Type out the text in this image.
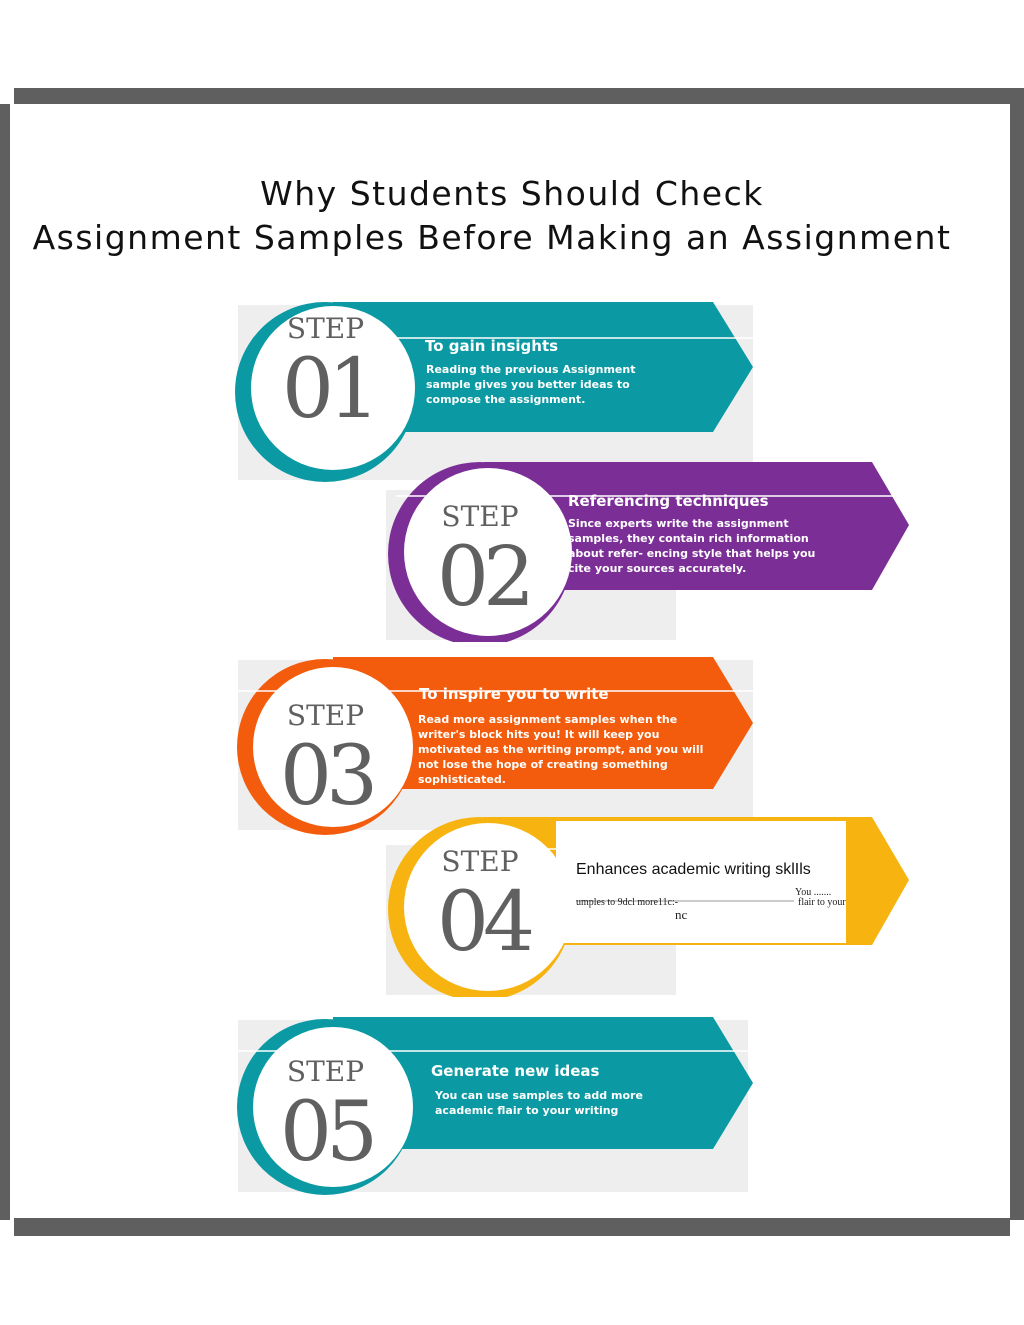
Why Students Should Check
Assignment Samples Before Making an Assignment
STEP
01	To gain insights
Reading the previous Assignment sample gives you better ideas to compose the assignment.
STEP
02
Referencing techniques
Since experts write the assignment samples, they contain rich information about refer- encing style that helps you cite your sources accurately.
STEP
03
To inspire you to write
Read more assignment samples when the writer's block hits you! It will keep you motivated as the writing prompt, and you will not lose the hope of creating something sophisticated.
STEP
04
Enhances academic writing sklIls
umples to 9dcl more11c:-
You .......
flair to your
nc
STEP
05
Generate new ideas
You can use samples to add more academic flair to your writing
